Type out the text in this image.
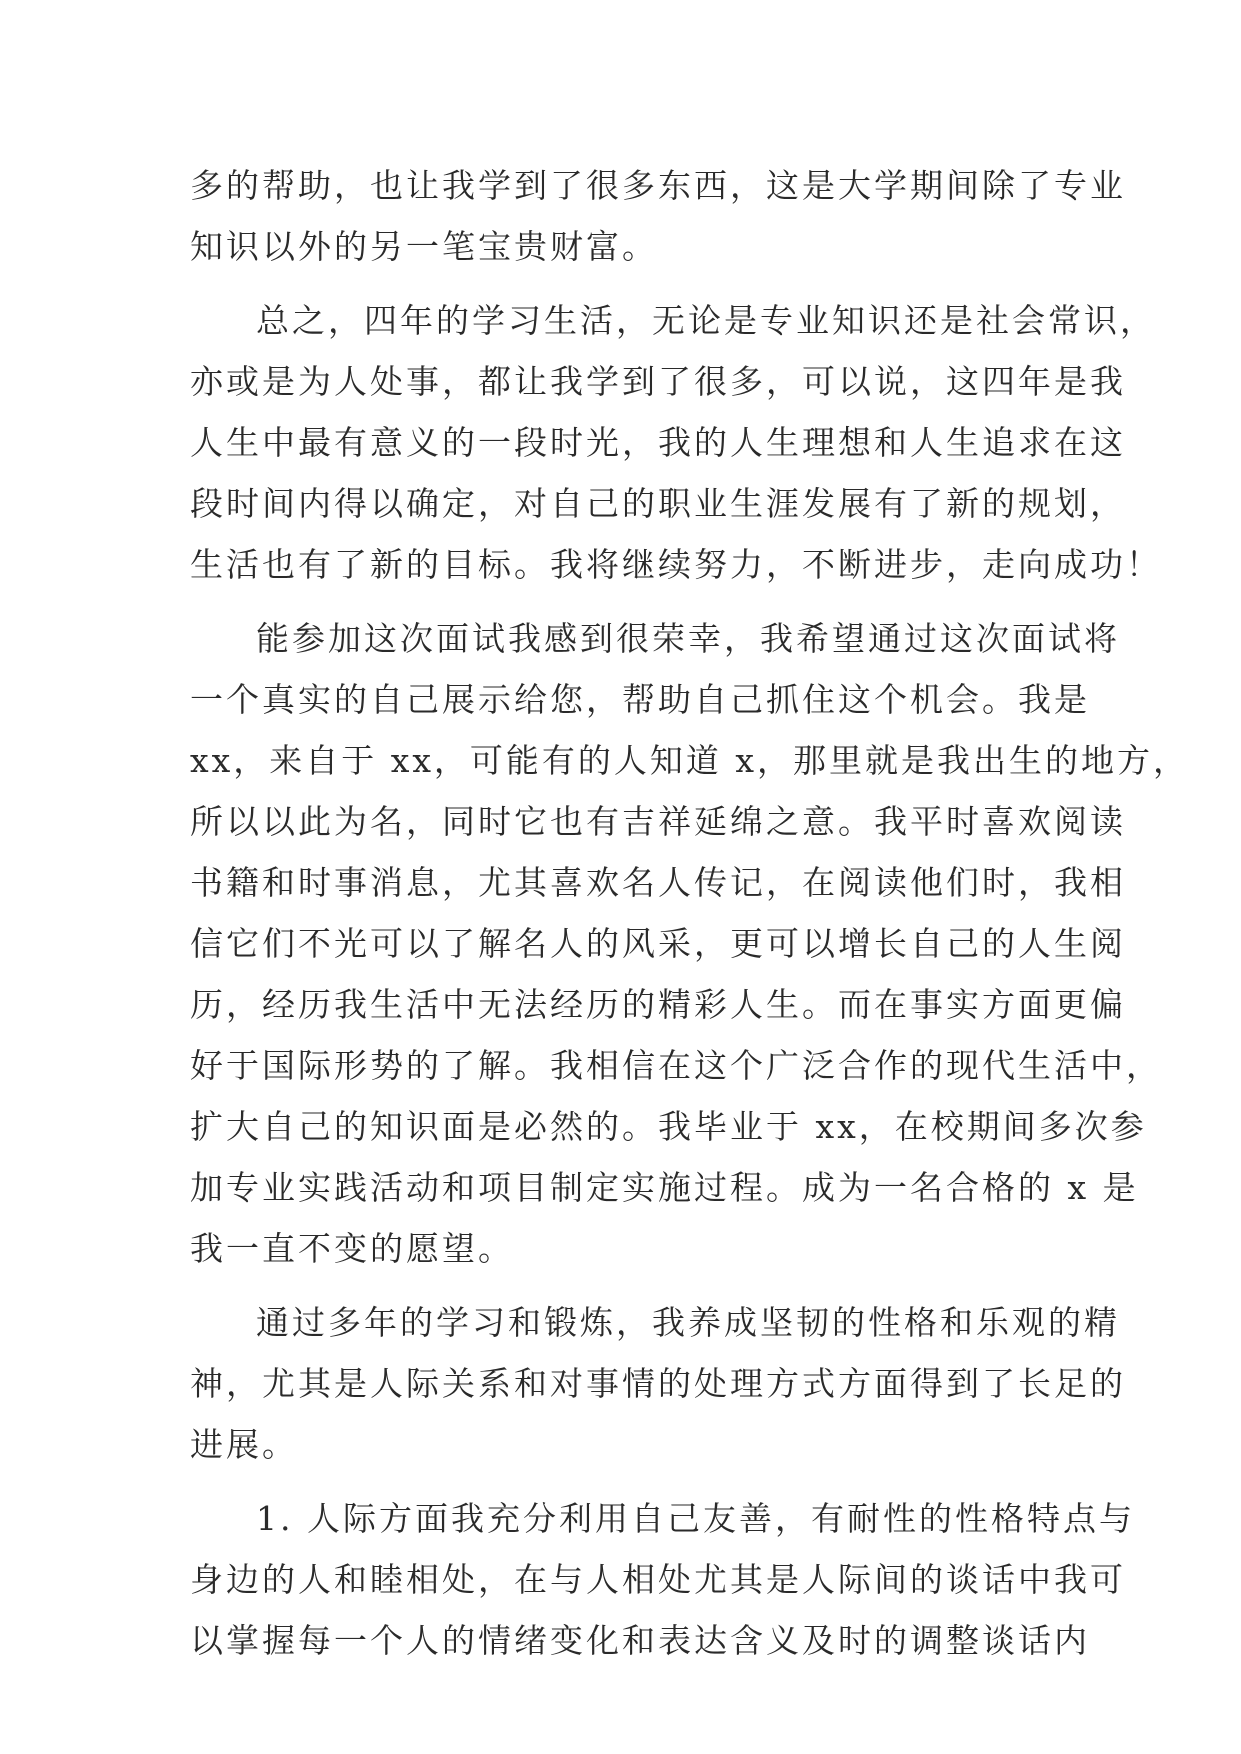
多的帮助，也让我学到了很多东西，这是大学期间除了专业
知识以外的另一笔宝贵财富。
总之，四年的学习生活，无论是专业知识还是社会常识，
亦或是为人处事，都让我学到了很多，可以说，这四年是我
人生中最有意义的一段时光，我的人生理想和人生追求在这
段时间内得以确定，对自己的职业生涯发展有了新的规划，
生活也有了新的目标。我将继续努力，不断进步，走向成功！
能参加这次面试我感到很荣幸，我希望通过这次面试将
一个真实的自己展示给您，帮助自己抓住这个机会。我是
xx，来自于 xx，可能有的人知道 x，那里就是我出生的地方，
所以以此为名，同时它也有吉祥延绵之意。我平时喜欢阅读
书籍和时事消息，尤其喜欢名人传记，在阅读他们时，我相
信它们不光可以了解名人的风采，更可以增长自己的人生阅
历，经历我生活中无法经历的精彩人生。而在事实方面更偏
好于国际形势的了解。我相信在这个广泛合作的现代生活中，
扩大自己的知识面是必然的。我毕业于 xx，在校期间多次参
加专业实践活动和项目制定实施过程。成为一名合格的 x 是
我一直不变的愿望。
通过多年的学习和锻炼，我养成坚韧的性格和乐观的精
神，尤其是人际关系和对事情的处理方式方面得到了长足的
进展。
1. 人际方面我充分利用自己友善，有耐性的性格特点与
身边的人和睦相处，在与人相处尤其是人际间的谈话中我可
以掌握每一个人的情绪变化和表达含义及时的调整谈话内
